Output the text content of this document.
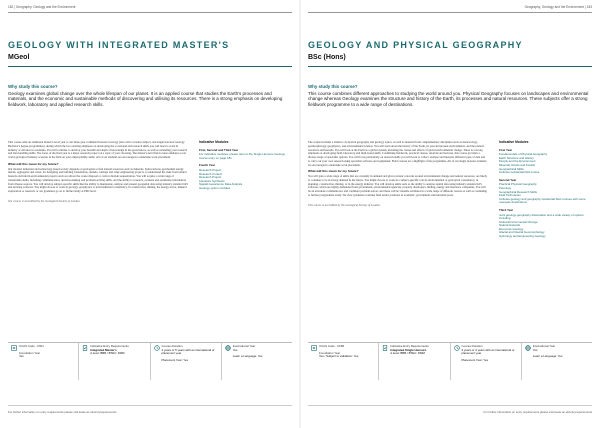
182 | Geography, Geology and the Environment
GEOLOGY WITH INTEGRATED MASTER'S
MGeol
Why study this course?
Geology examines global change over the whole lifespan of our planet. It is an applied course that studies the Earth's processes and materials, and the economic and sustainable methods of discovering and utilising its resources. There is a strong emphasis on developing fieldwork, laboratory and applied research skills.

This course adds an additional master's-level year to our three-year combined honours Geology (also with a science subject, and single honours Geology Bachelor's degree programmes), during which the two exciting emphases on developing the vocational and research skills you will need to work in industry or advance in academia. You will continue to develop your breadth and depth of knowledge in the geosciences, as well as extending your research and data handling skills. The focus of the final year is a major research project on a topic of your choosing. The master's-level field course emulates a real world geological industry scenario in the field on your employability skills. All of our students are encouraged to undertake work placement.

What will this mean for my future?

Our modern industrial and technology-based society depends on geologists to find natural resources such as minerals, hydrocarbons, geothermal energy metals, aggregates and water, for designing and building foundations, tunnels, cuttings and other engineering projects, to understand the risks from natural hazards and inform environmental projects such as radioactive waste disposal or carbon dioxide sequestration. You will acquire a wide range of transferable skills, including communication, decision-making and problem-solving skills, and the ability to research, evaluate and synthesise information from diverse sources. You will develop subject-specific skills like the ability to manipulate, analyse and present geospatial data using industry standard GIS and drawing software. You might choose to work in geology, geophysics or environmental consultancy, in construction, mining, the energy sector, mineral exploration or research, or our graduates go on to further study at PhD level.

Our course is accredited by the Geological Society of London.

Indicative Modules
First, Second and Third Year
For indicative modules, please refer to the Single Honours Geology course entry on page 181
Fourth Year
Research Project
Research Context
Research Project
Literature Synthesis
Spatial Geoscience Data Analysis
Geology option modules
UCAS Code - F601
Foundation Year
Yes
Indicative Entry Requirements
Integrated Master's
A level: BBB / BTEC: DDM
Course Duration
4 years or 5 years with an international or placement year
Placement Year: Yes
International Year
Yes
Learn a Language: Yes
For further information on entry requirements please visit keele.ac.uk/entryrequirements
Geography, Geology and the Environment | 183
GEOLOGY AND PHYSICAL GEOGRAPHY
BSc (Hons)
Why study this course?
This course combines different approaches to studying the world around you. Physical Geography focuses on landscapes and environmental change whereas Geology examines the structure and history of the Earth, its processes and natural resources. These subjects offer a strong fieldwork programme to a wide range of destinations.

The course includes a balance of physical geography and geology topics, as well as material from complementary disciplines such as meteorology, geomorphology, geophysics, and environmental science. You will learn about the history of the Earth, its past and present environments, and the planet's resources and hazards. You will look at the Earth as a global system, including the causes and effects of global environmental change. There is a strong emphasis on developing field, laboratory and field-based skills. Confirming fieldwork, practical classes, tutorials and lectures, this course provides a diverse range of specialist options. You will focus particularly on research skills you will learn to collect, analyse and interpret different types of data and to carry out your own research using specialist software and equipment. Field courses are a highlight of the programme. All of our single honours students are encouraged to undertake work placement.

What will this mean for my future?

You will gain a wide range of skills that are currently in demand and given current concerns around environmental change and natural resources, are likely to continue to be in strong demand in the future. You might choose to work in a subject-specific role in environmental or geological consultancy, in planning, construction, mining, or in the energy industry. You will develop skills such as the ability to analyse spatial data using industry standard GIS software, which are highly demanded from government, environmental agencies, property developers, mining, energy and insurance companies. You will be an articulate communicator and confident problem-solver, and these will be valuable attributes in a wide range of different careers as well as continuing to further postgraduate study. We view graduates continue field senior positions in academic, government and industrial posts.

This course is accredited by the Geological Society of London.

Indicative Modules
First Year
Fundamentals of Physical Geography
Earth Structure and History
People and the Environment
Minerals, Rocks and Fossils
Geographical Skills
Includes residential field course
Second Year
Practical Physical Geography
Petrology
Geographical Research Skills
Field Techniques
Includes geology and geography residential field courses with some overseas destinations
Third Year
Joint geology-geography dissertation and a wide variety of options including:
Global Environmental Change
Natural Hazards
Economic Geology
Glacial and Glacial Geomorphology
Hydrology and Engineering Geology
UCAS Code - FF86
Foundation Year
Yes / Subject to validation: Yes
Indicative Entry Requirements
Integrated Single Honours
A level: BBB / BTEC: DMM
Course Duration
3 years or 4 years with an international or placement year
Placement Year: Yes
International Year
Yes
Learn a Language: Yes
For further information on entry requirements please visit keele.ac.uk/entryrequirements
